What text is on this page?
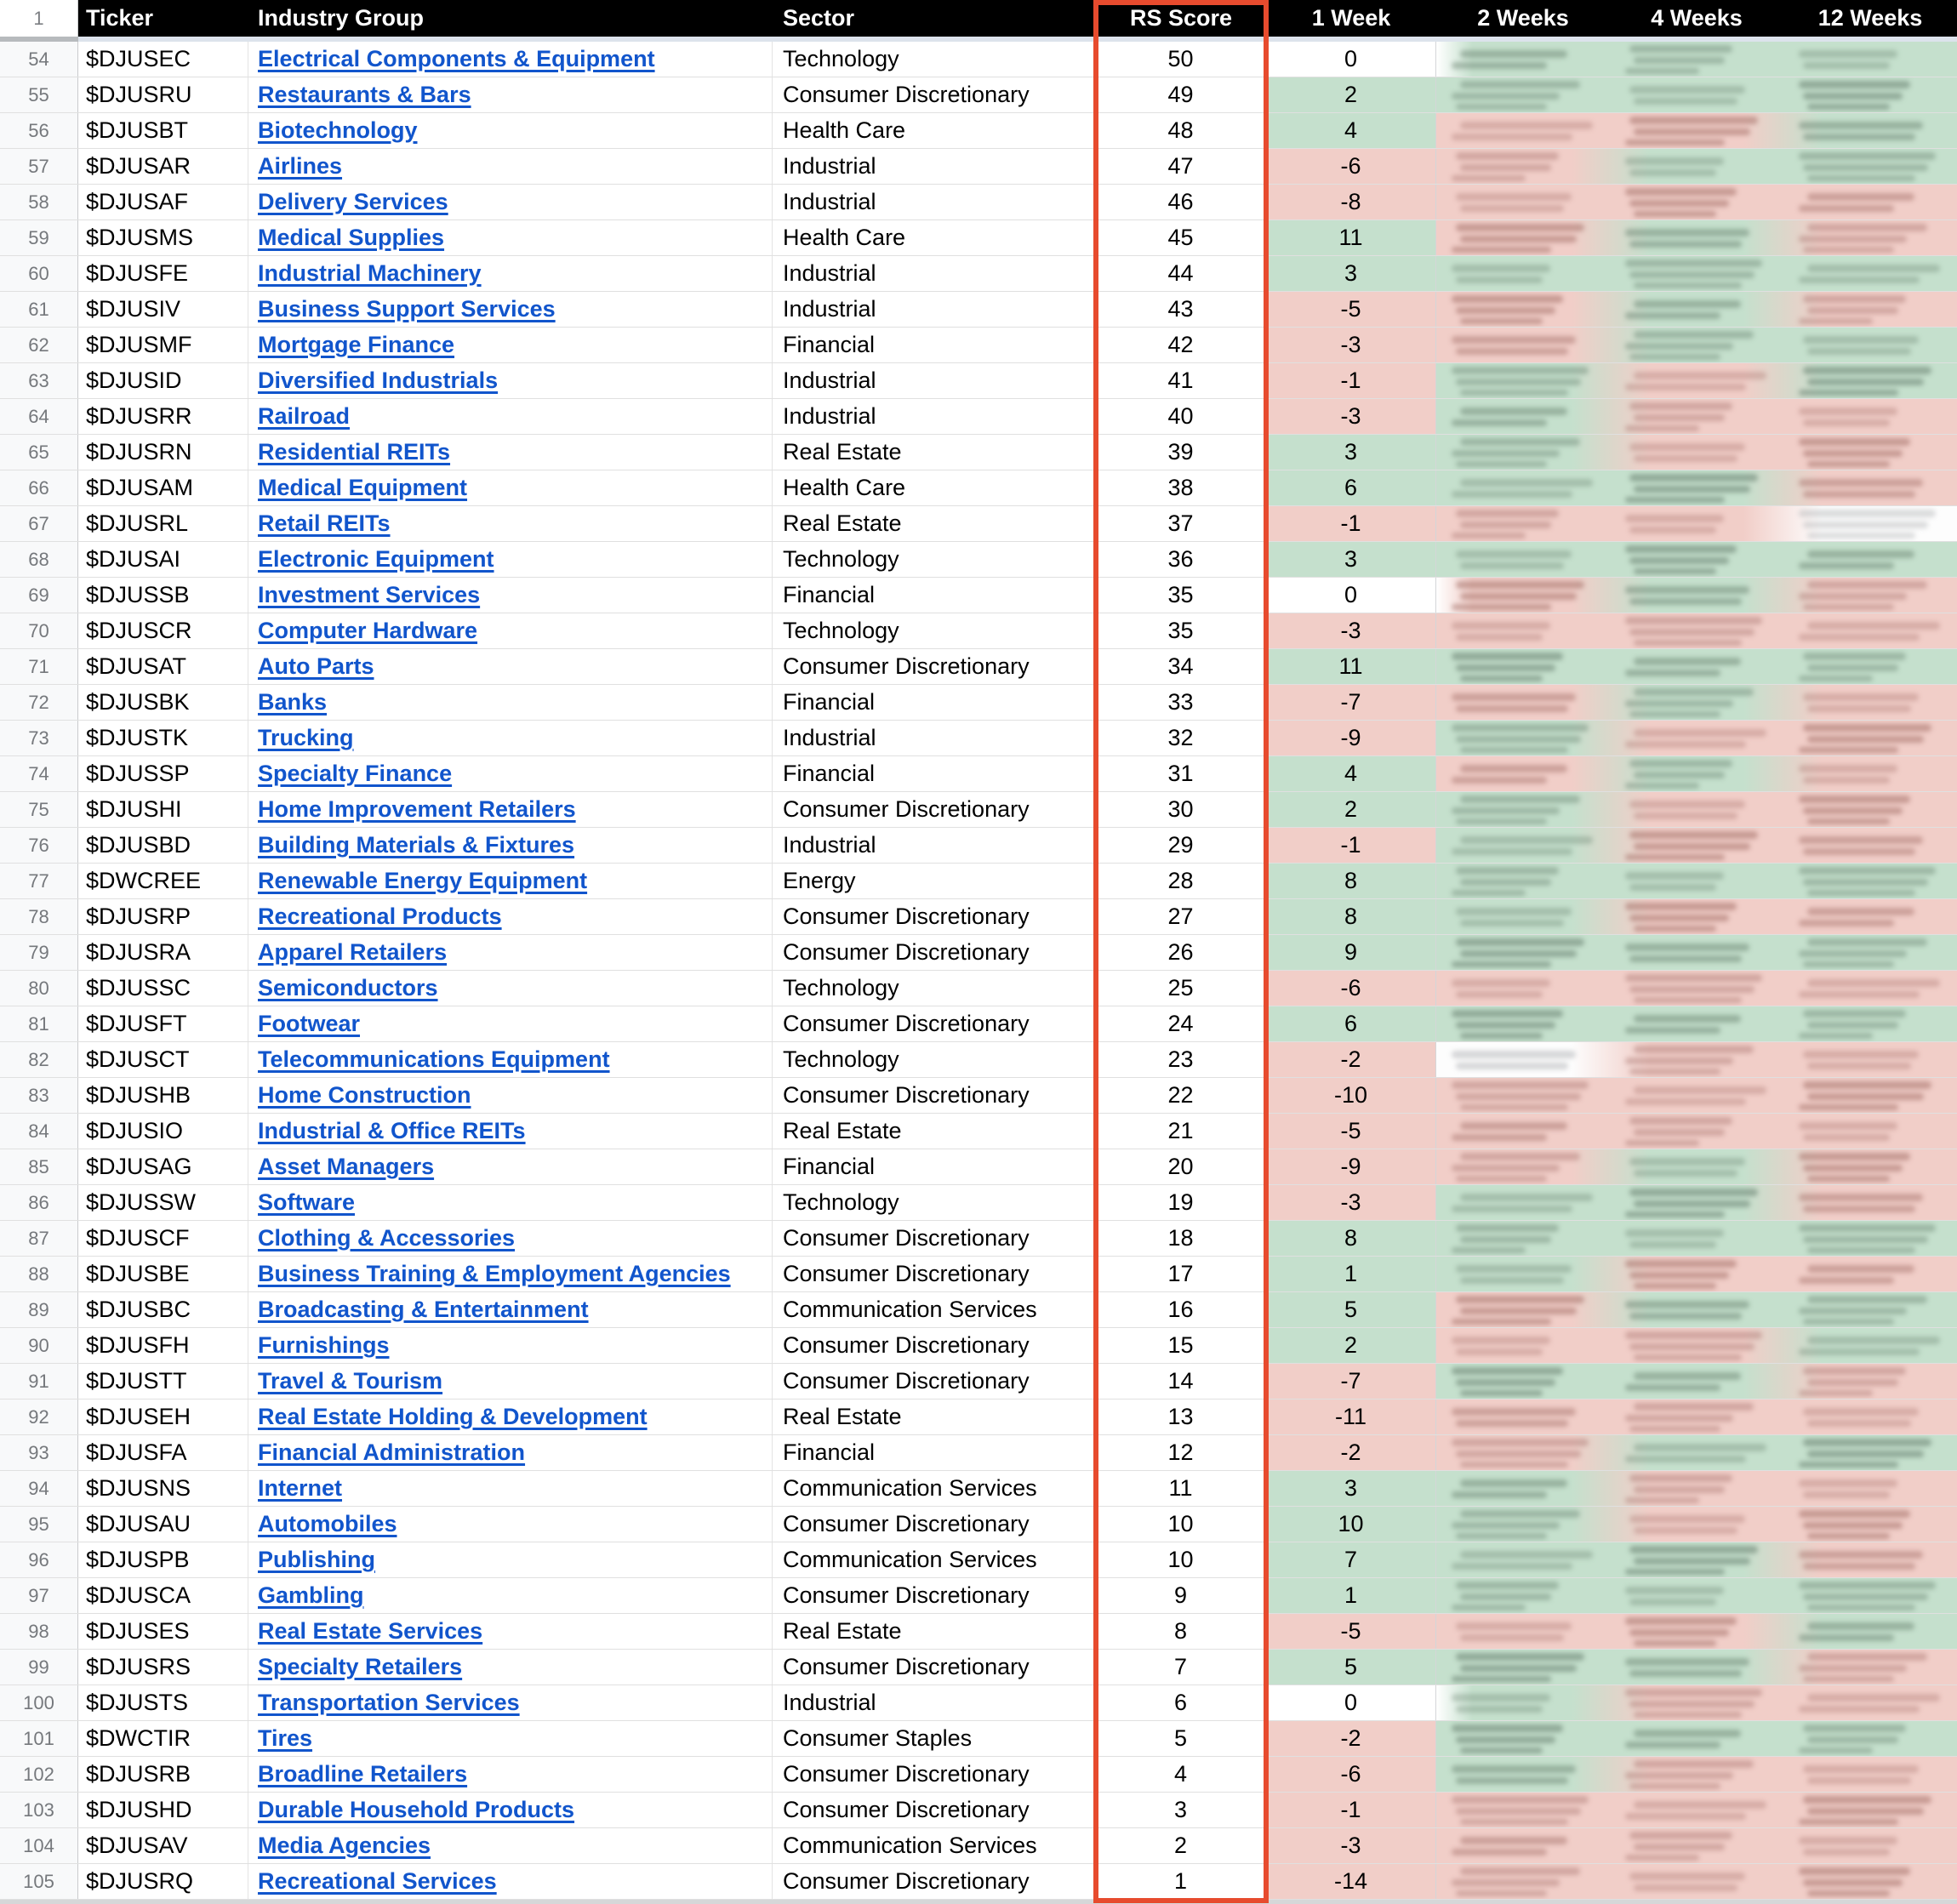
1	Ticker	Industry Group	Sector	RS Score	1 Week	2 Weeks	4 Weeks	12 Weeks
54	$DJUSEC	Electrical Components & Equipment	Technology	50	0
55	$DJUSRU	Restaurants & Bars	Consumer Discretionary	49	2
56	$DJUSBT	Biotechnology	Health Care	48	4
57	$DJUSAR	Airlines	Industrial	47	-6
58	$DJUSAF	Delivery Services	Industrial	46	-8
59	$DJUSMS	Medical Supplies	Health Care	45	11
60	$DJUSFE	Industrial Machinery	Industrial	44	3
61	$DJUSIV	Business Support Services	Industrial	43	-5
62	$DJUSMF	Mortgage Finance	Financial	42	-3
63	$DJUSID	Diversified Industrials	Industrial	41	-1
64	$DJUSRR	Railroad	Industrial	40	-3
65	$DJUSRN	Residential REITs	Real Estate	39	3
66	$DJUSAM	Medical Equipment	Health Care	38	6
67	$DJUSRL	Retail REITs	Real Estate	37	-1
68	$DJUSAI	Electronic Equipment	Technology	36	3
69	$DJUSSB	Investment Services	Financial	35	0
70	$DJUSCR	Computer Hardware	Technology	35	-3
71	$DJUSAT	Auto Parts	Consumer Discretionary	34	11
72	$DJUSBK	Banks	Financial	33	-7
73	$DJUSTK	Trucking	Industrial	32	-9
74	$DJUSSP	Specialty Finance	Financial	31	4
75	$DJUSHI	Home Improvement Retailers	Consumer Discretionary	30	2
76	$DJUSBD	Building Materials & Fixtures	Industrial	29	-1
77	$DWCREE	Renewable Energy Equipment	Energy	28	8
78	$DJUSRP	Recreational Products	Consumer Discretionary	27	8
79	$DJUSRA	Apparel Retailers	Consumer Discretionary	26	9
80	$DJUSSC	Semiconductors	Technology	25	-6
81	$DJUSFT	Footwear	Consumer Discretionary	24	6
82	$DJUSCT	Telecommunications Equipment	Technology	23	-2
83	$DJUSHB	Home Construction	Consumer Discretionary	22	-10
84	$DJUSIO	Industrial & Office REITs	Real Estate	21	-5
85	$DJUSAG	Asset Managers	Financial	20	-9
86	$DJUSSW	Software	Technology	19	-3
87	$DJUSCF	Clothing & Accessories	Consumer Discretionary	18	8
88	$DJUSBE	Business Training & Employment Agencies	Consumer Discretionary	17	1
89	$DJUSBC	Broadcasting & Entertainment	Communication Services	16	5
90	$DJUSFH	Furnishings	Consumer Discretionary	15	2
91	$DJUSTT	Travel & Tourism	Consumer Discretionary	14	-7
92	$DJUSEH	Real Estate Holding & Development	Real Estate	13	-11
93	$DJUSFA	Financial Administration	Financial	12	-2
94	$DJUSNS	Internet	Communication Services	11	3
95	$DJUSAU	Automobiles	Consumer Discretionary	10	10
96	$DJUSPB	Publishing	Communication Services	10	7
97	$DJUSCA	Gambling	Consumer Discretionary	9	1
98	$DJUSES	Real Estate Services	Real Estate	8	-5
99	$DJUSRS	Specialty Retailers	Consumer Discretionary	7	5
100	$DJUSTS	Transportation Services	Industrial	6	0
101	$DWCTIR	Tires	Consumer Staples	5	-2
102	$DJUSRB	Broadline Retailers	Consumer Discretionary	4	-6
103	$DJUSHD	Durable Household Products	Consumer Discretionary	3	-1
104	$DJUSAV	Media Agencies	Communication Services	2	-3
105	$DJUSRQ	Recreational Services	Consumer Discretionary	1	-14
